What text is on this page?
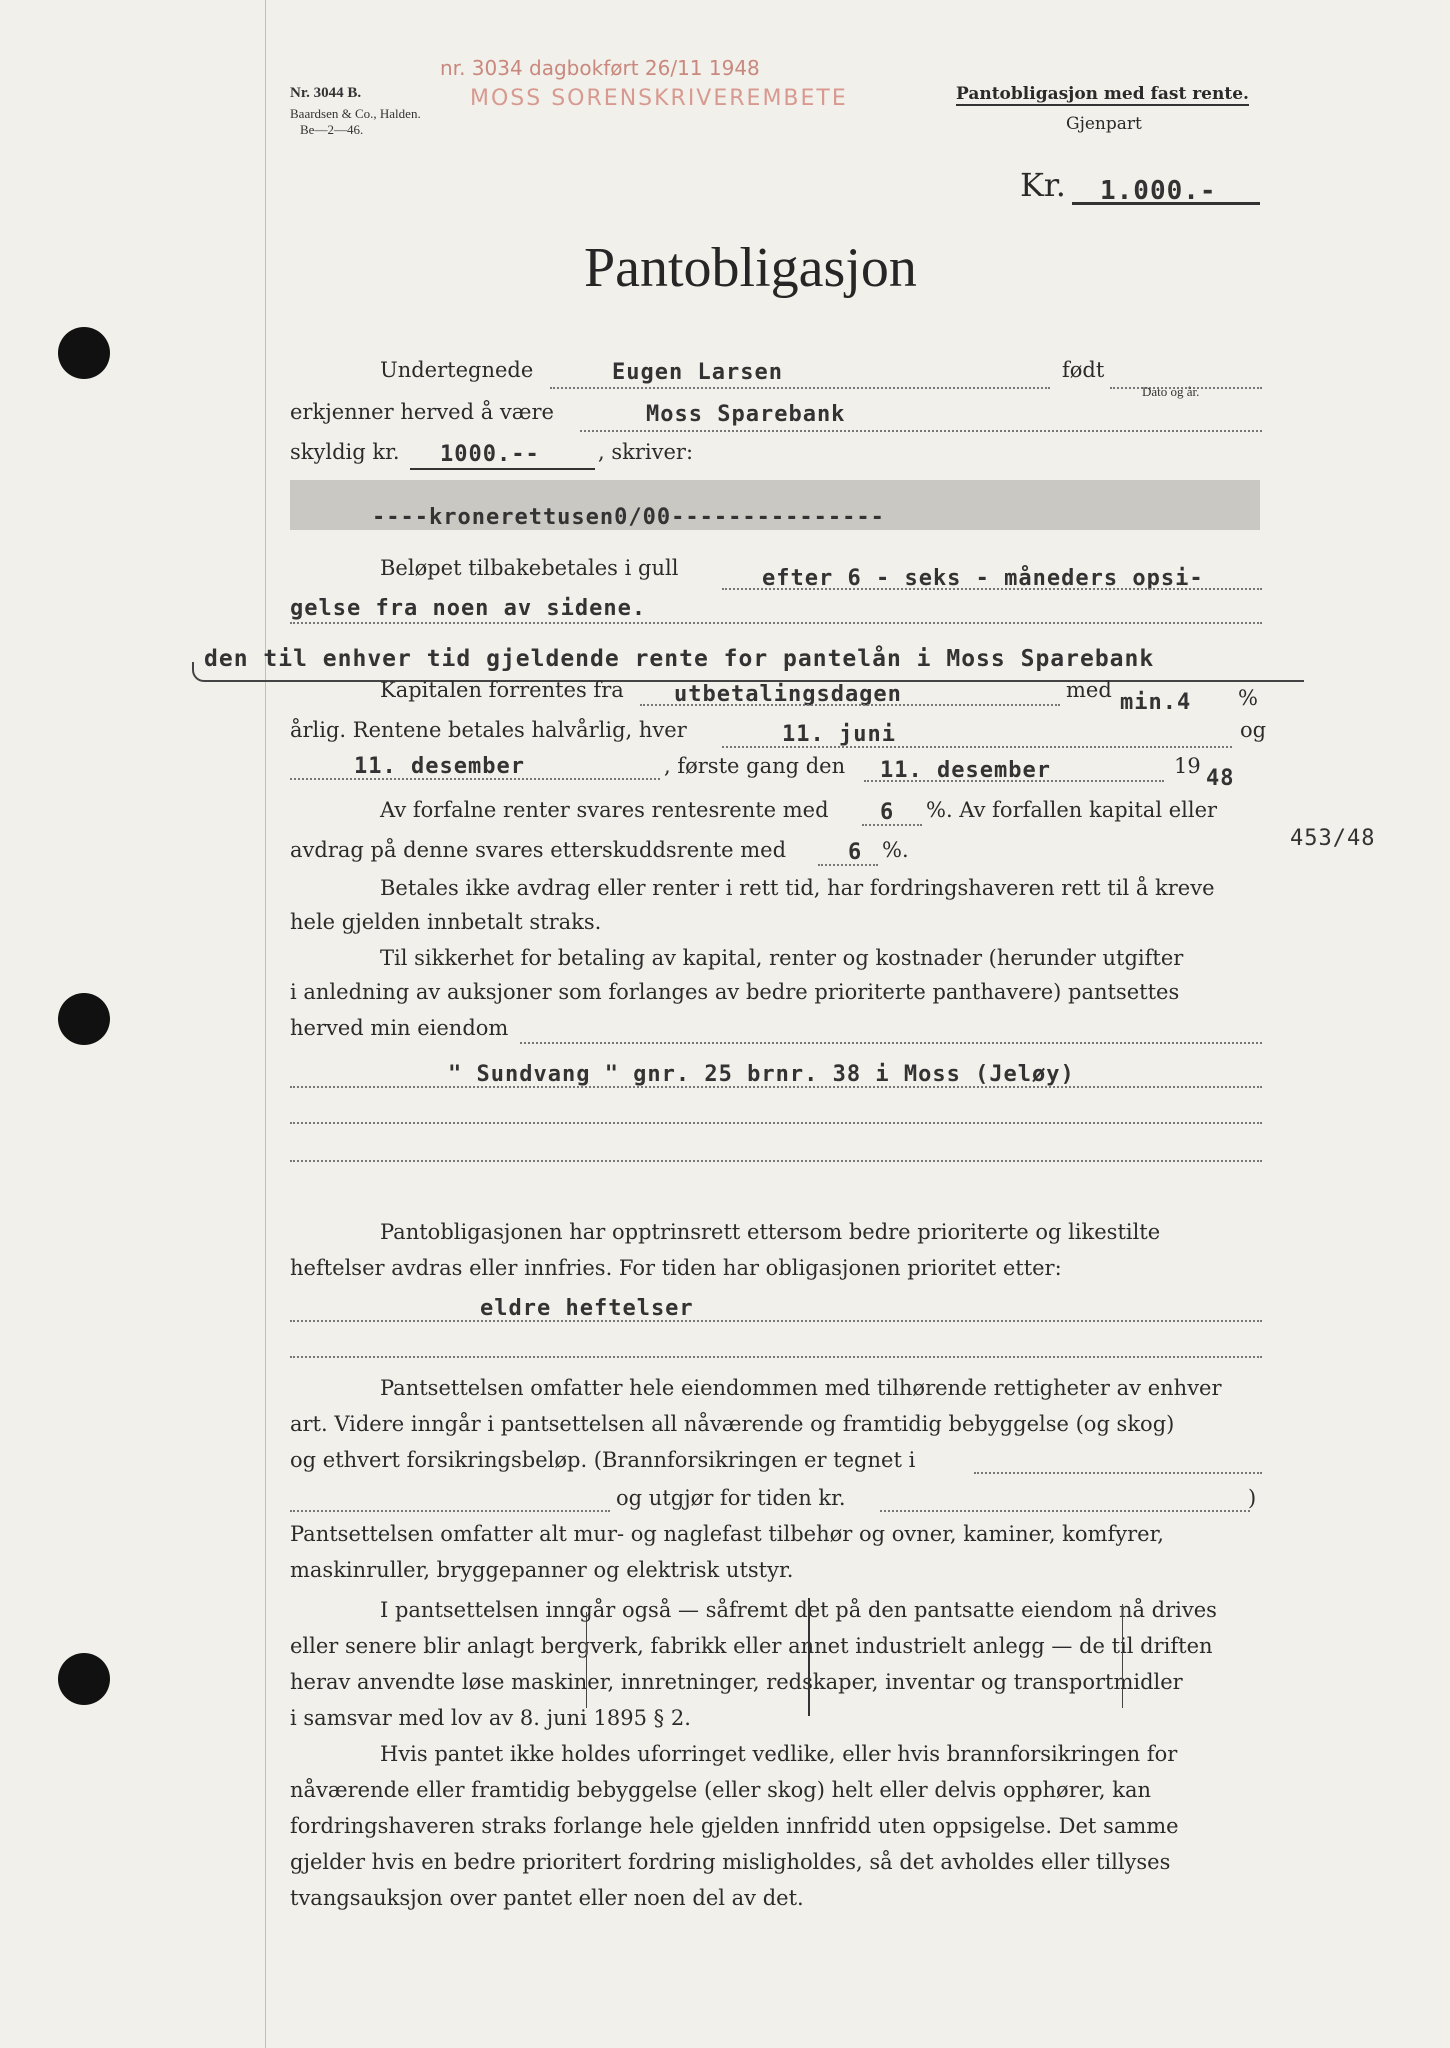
Nr. 3044 B.
Baardsen & Co., Halden.
Be—2—46.
nr. 3034 dagbokført 26/11 1948
MOSS SORENSKRIVEREMBETE	Pantobligasjon med fast rente.
Gjenpart
Kr. 1.000.-
Pantobligasjon
Undertegnede	Eugen Larsen	født
Dato og år.
erkjenner herved å være	Moss Sparebank
skyldig kr. 1000.--	, skriver:
----kronerettusen0/00---------------
Beløpet tilbakebetales i gull	efter 6 - seks - måneders opsi-
gelse fra noen av sidene.
den til enhver tid gjeldende rente for pantelån i Moss Sparebank
Kapitalen forrentes fra utbetalingsdagen	med min.4 %
årlig. Rentene betales halvårlig, hver	11. juni	og
11. desember	, første gang den 11. desember	19 48
Av forfalne renter svares rentesrente med 6 %. Av forfallen kapital eller
avdrag på denne svares etterskuddsrente med	6 %.	453/48
Betales ikke avdrag eller renter i rett tid, har fordringshaveren rett til å kreve
hele gjelden innbetalt straks.
Til sikkerhet for betaling av kapital, renter og kostnader (herunder utgifter
i anledning av auksjoner som forlanges av bedre prioriterte panthavere) pantsettes
herved min eiendom
" Sundvang " gnr. 25 brnr. 38 i Moss (Jeløy)
Pantobligasjonen har opptrinsrett ettersom bedre prioriterte og likestilte
heftelser avdras eller innfries. For tiden har obligasjonen prioritet etter:
eldre heftelser
Pantsettelsen omfatter hele eiendommen med tilhørende rettigheter av enhver
art. Videre inngår i pantsettelsen all nåværende og framtidig bebyggelse (og skog)
og ethvert forsikringsbeløp. (Brannforsikringen er tegnet i
og utgjør for tiden kr.	)
Pantsettelsen omfatter alt mur- og naglefast tilbehør og ovner, kaminer, komfyrer,
maskinruller, bryggepanner og elektrisk utstyr.
I pantsettelsen inngår også — såfremt det på den pantsatte eiendom nå drives
eller senere blir anlagt bergverk, fabrikk eller annet industrielt anlegg — de til driften
herav anvendte løse maskiner, innretninger, redskaper, inventar og transportmidler
i samsvar med lov av 8. juni 1895 § 2.
Hvis pantet ikke holdes uforringet vedlike, eller hvis brannforsikringen for
nåværende eller framtidig bebyggelse (eller skog) helt eller delvis opphører, kan
fordringshaveren straks forlange hele gjelden innfridd uten oppsigelse. Det samme
gjelder hvis en bedre prioritert fordring misligholdes, så det avholdes eller tillyses
tvangsauksjon over pantet eller noen del av det.
